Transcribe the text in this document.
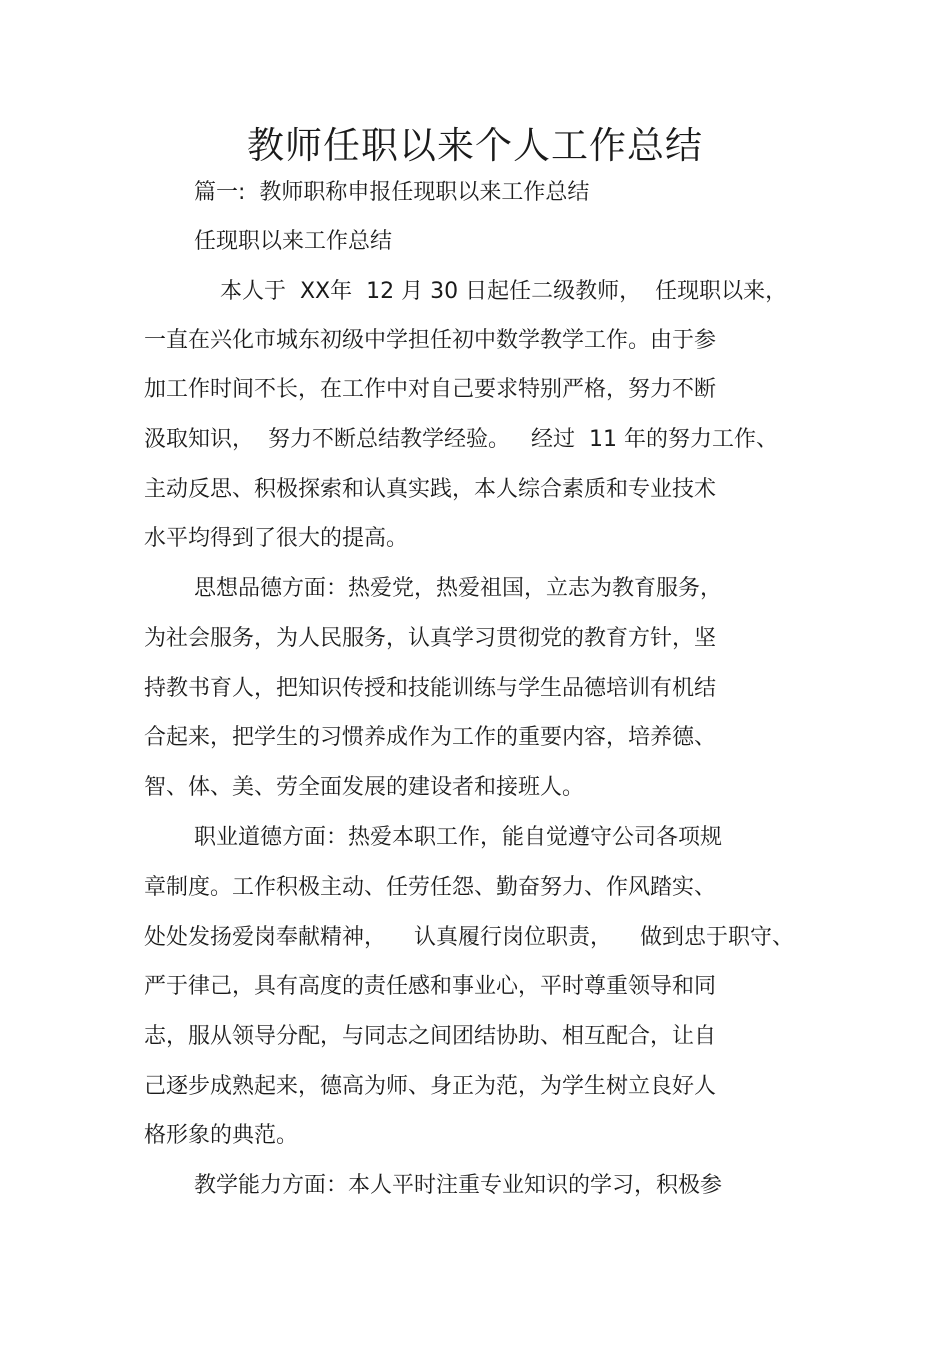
教师任职以来个人工作总结
篇一:  教师职称申报任现职以来工作总结
任现职以来工作总结
本人于  XX年  12 月 30 日起任二级教师，  任现职以来，
一直在兴化市城东初级中学担任初中数学教学工作。由于参
加工作时间不长，在工作中对自己要求特别严格，努力不断
汲取知识，  努力不断总结教学经验。   经过  11 年的努力工作、
主动反思、积极探索和认真实践，本人综合素质和专业技术
水平均得到了很大的提高。
思想品德方面：热爱党，热爱祖国，立志为教育服务，
为社会服务，为人民服务，认真学习贯彻党的教育方针，坚
持教书育人，把知识传授和技能训练与学生品德培训有机结
合起来，把学生的习惯养成作为工作的重要内容，培养德、
智、体、美、劳全面发展的建设者和接班人。
职业道德方面：热爱本职工作，能自觉遵守公司各项规
章制度。工作积极主动、任劳任怨、勤奋努力、作风踏实、
处处发扬爱岗奉献精神，    认真履行岗位职责，    做到忠于职守、
严于律己，具有高度的责任感和事业心，平时尊重领导和同
志，服从领导分配，与同志之间团结协助、相互配合，让自
己逐步成熟起来，德高为师、身正为范，为学生树立良好人
格形象的典范。
教学能力方面：本人平时注重专业知识的学习，积极参
